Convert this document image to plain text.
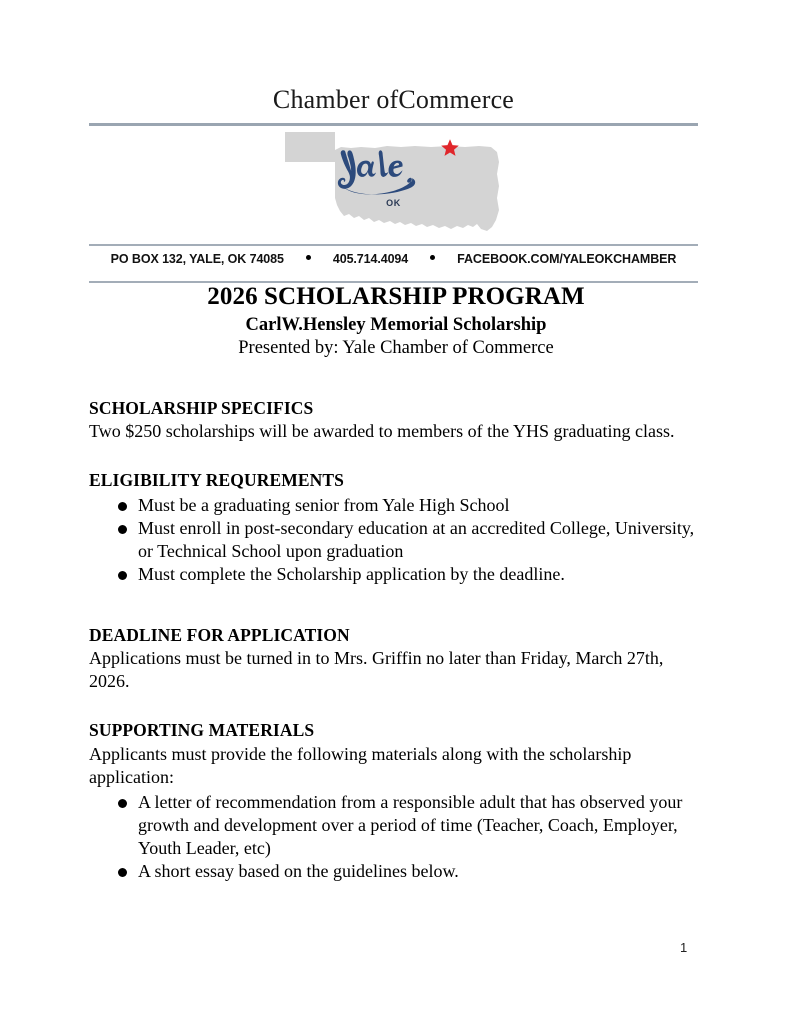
Chamber ofCommerce
OK
PO BOX 132, YALE, OK 74085	405.714.4094	FACEBOOK.COM/YALEOKCHAMBER
2026 SCHOLARSHIP PROGRAM
CarlW.Hensley Memorial Scholarship
Presented by: Yale Chamber of Commerce
SCHOLARSHIP SPECIFICS
Two $250 scholarships will be awarded to members of the YHS graduating class.
ELIGIBILITY REQUREMENTS
Must be a graduating senior from Yale High School
Must enroll in post-secondary education at an accredited College, University, or Technical School upon graduation
Must complete the Scholarship application by the deadline.
DEADLINE FOR APPLICATION
Applications must be turned in to Mrs. Griffin no later than Friday, March 27th, 2026.
SUPPORTING MATERIALS
Applicants must provide the following materials along with the scholarship application:
A letter of recommendation from a responsible adult that has observed your growth and development over a period of time (Teacher, Coach, Employer, Youth Leader, etc)
A short essay based on the guidelines below.
1
